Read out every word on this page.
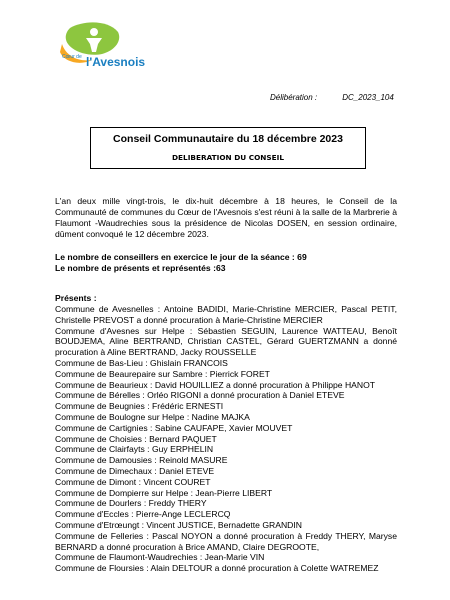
Cœur de l'Avesnois
Délibération :	DC_2023_104
Conseil Communautaire du 18 décembre 2023
DELIBERATION DU CONSEIL
L'an deux mille vingt-trois, le dix-huit décembre à 18 heures, le Conseil de la Communauté de communes du Cœur de l'Avesnois s'est réuni à la salle de la Marbrerie à Flaumont -Waudrechies sous la présidence de Nicolas DOSEN, en session ordinaire, dûment convoqué le 12 décembre 2023.
Le nombre de conseillers en exercice le jour de la séance : 69
Le nombre de présents et représentés :63
Présents :
Commune de Avesnelles : Antoine BADIDI, Marie-Christine MERCIER, Pascal PETIT, Christelle PREVOST a donné procuration à Marie-Christine MERCIER
Commune d'Avesnes sur Helpe : Sébastien SEGUIN, Laurence WATTEAU, Benoît BOUDJEMA, Aline BERTRAND, Christian CASTEL, Gérard GUERTZMANN a donné procuration à Aline BERTRAND, Jacky ROUSSELLE
Commune de Bas-Lieu : Ghislain FRANCOIS
Commune de Beaurepaire sur Sambre : Pierrick FORET
Commune de Beaurieux : David HOUILLIEZ a donné procuration à Philippe HANOT
Commune de Bérelles : Orléo RIGONI a donné procuration à Daniel ETEVE
Commune de Beugnies : Frédéric ERNESTI
Commune de Boulogne sur Helpe : Nadine MAJKA
Commune de Cartignies : Sabine CAUFAPE, Xavier MOUVET
Commune de Choisies : Bernard PAQUET
Commune de Clairfayts : Guy ERPHELIN
Commune de Damousies : Reinold MASURE
Commune de Dimechaux : Daniel ETEVE
Commune de Dimont : Vincent COURET
Commune de Dompierre sur Helpe : Jean-Pierre LIBERT
Commune de Dourlers : Freddy THERY
Commune d'Eccles : Pierre-Ange LECLERCQ
Commune d'Etrœungt : Vincent JUSTICE, Bernadette GRANDIN
Commune de Felleries : Pascal NOYON a donné procuration à Freddy THERY, Maryse BERNARD a donné procuration à Brice AMAND, Claire DEGROOTE,
Commune de Flaumont-Waudrechies : Jean-Marie VIN
Commune de Floursies : Alain DELTOUR a donné procuration à Colette WATREMEZ
